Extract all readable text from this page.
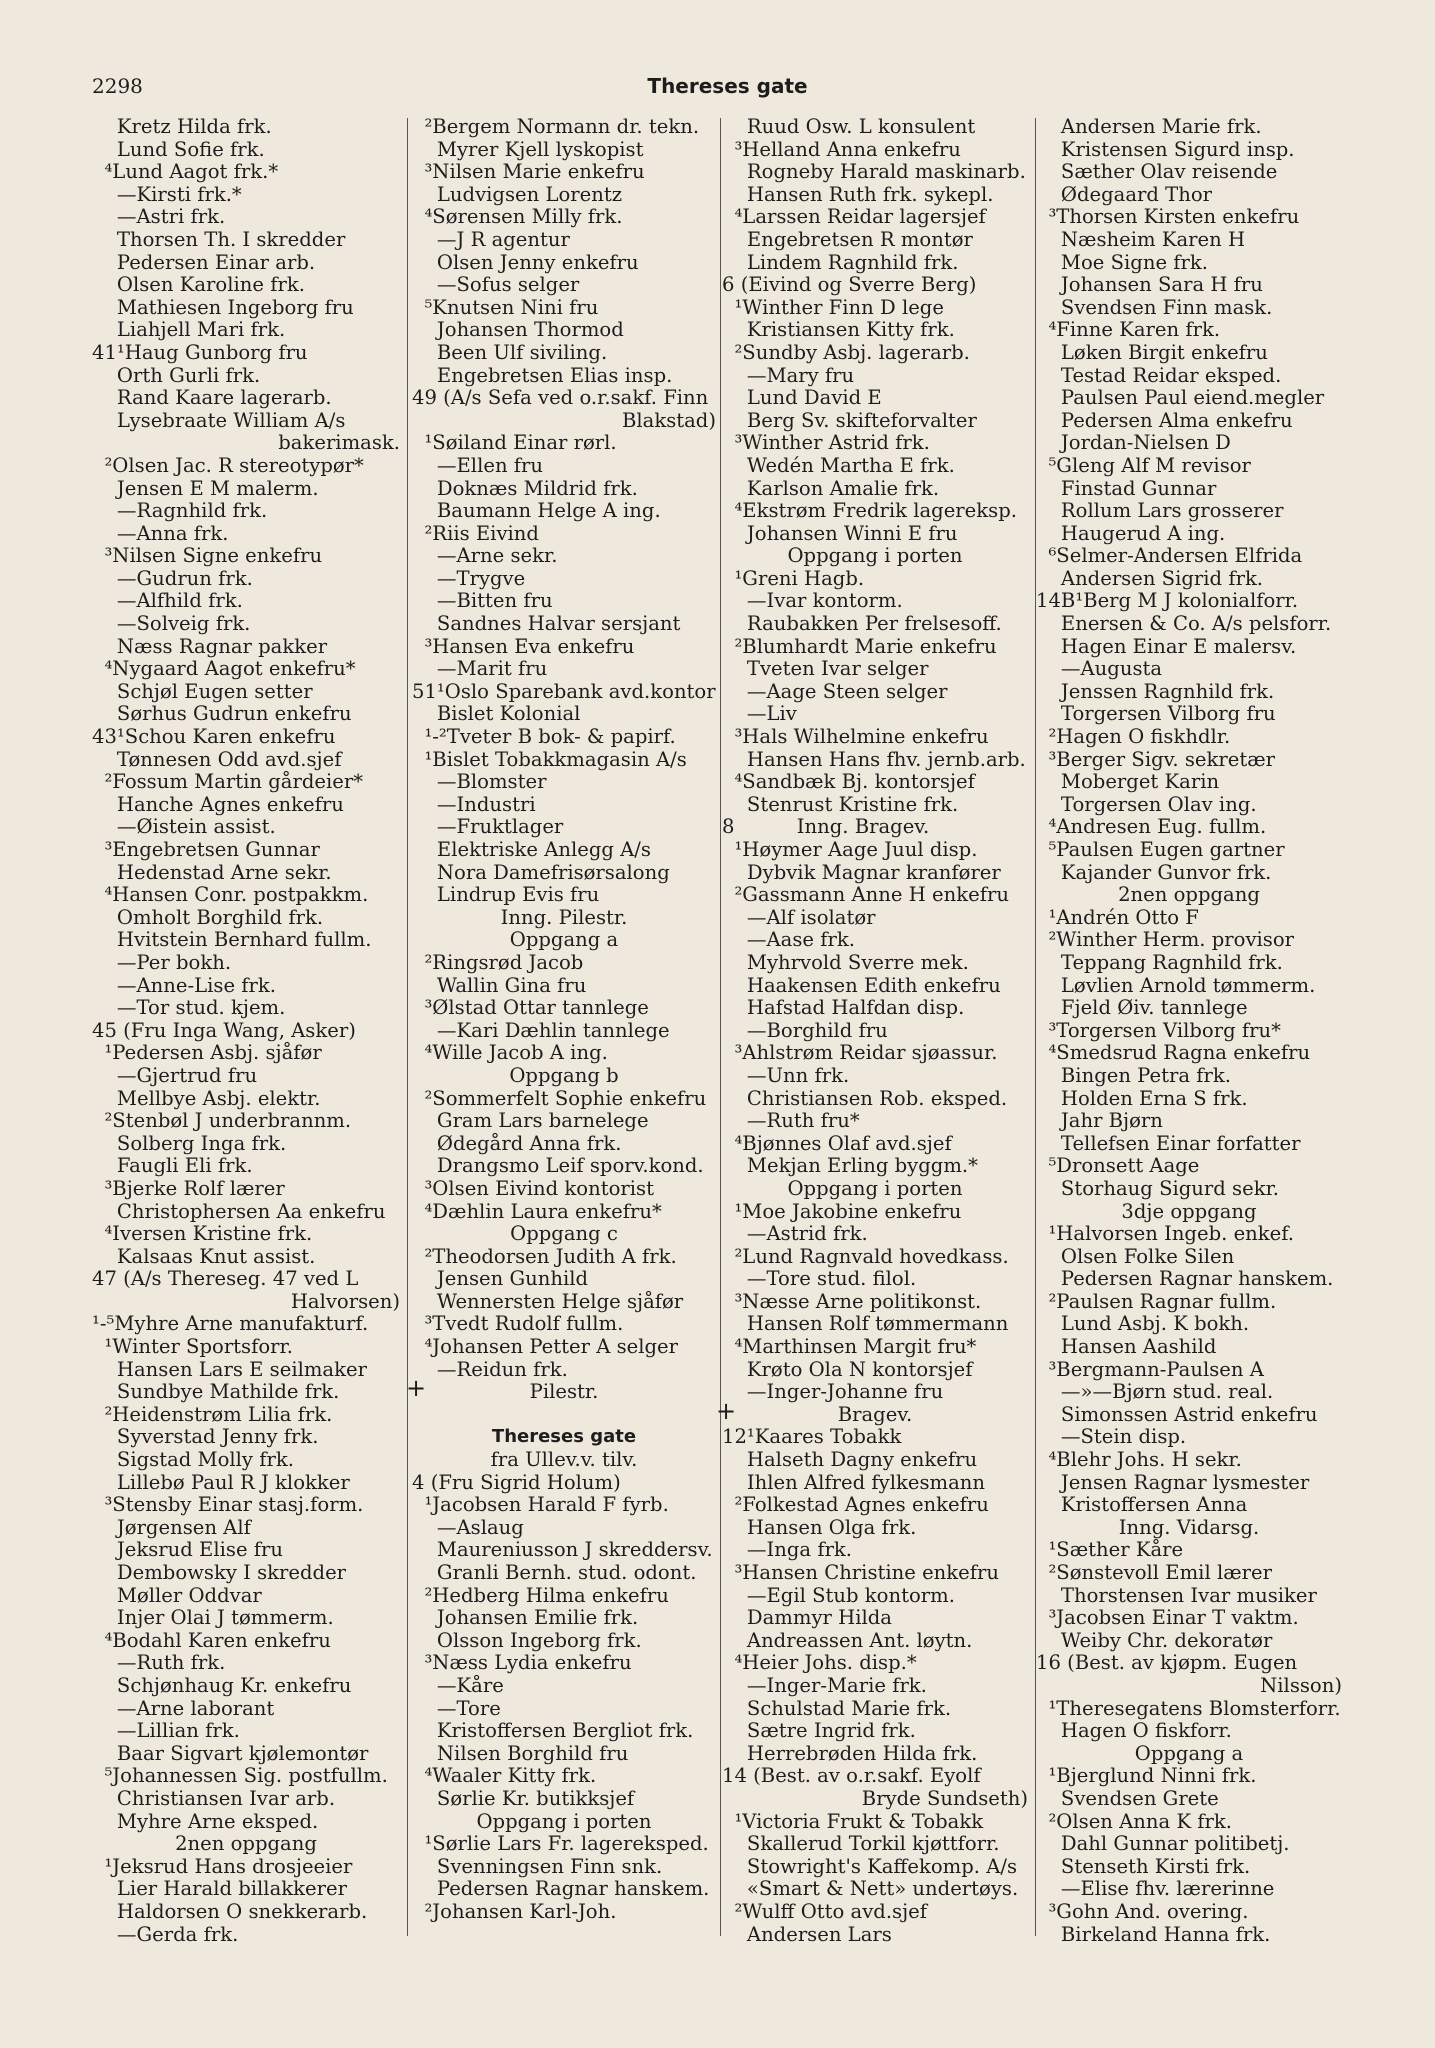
2298	Thereses gate
Kretz Hilda frk.
Lund Sofie frk.
⁴Lund Aagot frk.*
—Kirsti frk.*
—Astri frk.
Thorsen Th. I skredder
Pedersen Einar arb.
Olsen Karoline frk.
Mathiesen Ingeborg fru
Liahjell Mari frk.
41¹Haug Gunborg fru
Orth Gurli frk.
Rand Kaare lagerarb.
Lysebraate William A/s
bakerimask.
²Olsen Jac. R stereotypør*
Jensen E M malerm.
—Ragnhild frk.
—Anna frk.
³Nilsen Signe enkefru
—Gudrun frk.
—Alfhild frk.
—Solveig frk.
Næss Ragnar pakker
⁴Nygaard Aagot enkefru*
Schjøl Eugen setter
Sørhus Gudrun enkefru
43¹Schou Karen enkefru
Tønnesen Odd avd.sjef
²Fossum Martin gårdeier*
Hanche Agnes enkefru
—Øistein assist.
³Engebretsen Gunnar
Hedenstad Arne sekr.
⁴Hansen Conr. postpakkm.
Omholt Borghild frk.
Hvitstein Bernhard fullm.
—Per bokh.
—Anne-Lise frk.
—Tor stud. kjem.
45 (Fru Inga Wang, Asker)
¹Pedersen Asbj. sjåfør
—Gjertrud fru
Mellbye Asbj. elektr.
²Stenbøl J underbrannm.
Solberg Inga frk.
Faugli Eli frk.
³Bjerke Rolf lærer
Christophersen Aa enkefru
⁴Iversen Kristine frk.
Kalsaas Knut assist.
47 (A/s Thereseg. 47 ved L
Halvorsen)
¹-⁵Myhre Arne manufakturf.
¹Winter Sportsforr.
Hansen Lars E seilmaker
Sundbye Mathilde frk.
²Heidenstrøm Lilia frk.
Syverstad Jenny frk.
Sigstad Molly frk.
Lillebø Paul R J klokker
³Stensby Einar stasj.form.
Jørgensen Alf
Jeksrud Elise fru
Dembowsky I skredder
Møller Oddvar
Injer Olai J tømmerm.
⁴Bodahl Karen enkefru
—Ruth frk.
Schjønhaug Kr. enkefru
—Arne laborant
—Lillian frk.
Baar Sigvart kjølemontør
⁵Johannessen Sig. postfullm.
Christiansen Ivar arb.
Myhre Arne eksped.
2nen oppgang
¹Jeksrud Hans drosjeeier
Lier Harald billakkerer
Haldorsen O snekkerarb.
—Gerda frk.
²Bergem Normann dr. tekn.
Myrer Kjell lyskopist
³Nilsen Marie enkefru
Ludvigsen Lorentz
⁴Sørensen Milly frk.
—J R agentur
Olsen Jenny enkefru
—Sofus selger
⁵Knutsen Nini fru
Johansen Thormod
Been Ulf siviling.
Engebretsen Elias insp.
49 (A/s Sefa ved o.r.sakf. Finn
Blakstad)
¹Søiland Einar rørl.
—Ellen fru
Doknæs Mildrid frk.
Baumann Helge A ing.
²Riis Eivind
—Arne sekr.
—Trygve
—Bitten fru
Sandnes Halvar sersjant
³Hansen Eva enkefru
—Marit fru
51¹Oslo Sparebank avd.kontor
Bislet Kolonial
¹-²Tveter B bok- & papirf.
¹Bislet Tobakkmagasin A/s
—Blomster
—Industri
—Fruktlager
Elektriske Anlegg A/s
Nora Damefrisørsalong
Lindrup Evis fru
Inng. Pilestr.
Oppgang a
²Ringsrød Jacob
Wallin Gina fru
³Ølstad Ottar tannlege
—Kari Dæhlin tannlege
⁴Wille Jacob A ing.
Oppgang b
²Sommerfelt Sophie enkefru
Gram Lars barnelege
Ødegård Anna frk.
Drangsmo Leif sporv.kond.
³Olsen Eivind kontorist
⁴Dæhlin Laura enkefru*
Oppgang c
²Theodorsen Judith A frk.
Jensen Gunhild
Wennersten Helge sjåfør
³Tvedt Rudolf fullm.
⁴Johansen Petter A selger
—Reidun frk.
Pilestr.
+
Thereses gate
fra Ullev.v. tilv.
4 (Fru Sigrid Holum)
¹Jacobsen Harald F fyrb.
—Aslaug
Maureniusson J skreddersv.
Granli Bernh. stud. odont.
²Hedberg Hilma enkefru
Johansen Emilie frk.
Olsson Ingeborg frk.
³Næss Lydia enkefru
—Kåre
—Tore
Kristoffersen Bergliot frk.
Nilsen Borghild fru
⁴Waaler Kitty frk.
Sørlie Kr. butikksjef
Oppgang i porten
¹Sørlie Lars Fr. lagereksped.
Svenningsen Finn snk.
Pedersen Ragnar hanskem.
²Johansen Karl-Joh.
Ruud Osw. L konsulent
³Helland Anna enkefru
Rogneby Harald maskinarb.
Hansen Ruth frk. sykepl.
⁴Larssen Reidar lagersjef
Engebretsen R montør
Lindem Ragnhild frk.
6 (Eivind og Sverre Berg)
¹Winther Finn D lege
Kristiansen Kitty frk.
²Sundby Asbj. lagerarb.
—Mary fru
Lund David E
Berg Sv. skifteforvalter
³Winther Astrid frk.
Wedén Martha E frk.
Karlson Amalie frk.
⁴Ekstrøm Fredrik lagereksp.
Johansen Winni E fru
Oppgang i porten
¹Greni Hagb.
—Ivar kontorm.
Raubakken Per frelsesoff.
²Blumhardt Marie enkefru
Tveten Ivar selger
—Aage Steen selger
—Liv
³Hals Wilhelmine enkefru
Hansen Hans fhv. jernb.arb.
⁴Sandbæk Bj. kontorsjef
Stenrust Kristine frk.
8          Inng. Bragev.
¹Høymer Aage Juul disp.
Dybvik Magnar kranfører
²Gassmann Anne H enkefru
—Alf isolatør
—Aase frk.
Myhrvold Sverre mek.
Haakensen Edith enkefru
Hafstad Halfdan disp.
—Borghild fru
³Ahlstrøm Reidar sjøassur.
—Unn frk.
Christiansen Rob. eksped.
—Ruth fru*
⁴Bjønnes Olaf avd.sjef
Mekjan Erling byggm.*
Oppgang i porten
¹Moe Jakobine enkefru
—Astrid frk.
²Lund Ragnvald hovedkass.
—Tore stud. filol.
³Næsse Arne politikonst.
Hansen Rolf tømmermann
⁴Marthinsen Margit fru*
Krøto Ola N kontorsjef
—Inger-Johanne fru
Bragev.
+
12¹Kaares Tobakk
Halseth Dagny enkefru
Ihlen Alfred fylkesmann
²Folkestad Agnes enkefru
Hansen Olga frk.
—Inga frk.
³Hansen Christine enkefru
—Egil Stub kontorm.
Dammyr Hilda
Andreassen Ant. løytn.
⁴Heier Johs. disp.*
—Inger-Marie frk.
Schulstad Marie frk.
Sætre Ingrid frk.
Herrebrøden Hilda frk.
14 (Best. av o.r.sakf. Eyolf
Bryde Sundseth)
¹Victoria Frukt & Tobakk
Skallerud Torkil kjøttforr.
Stowright's Kaffekomp. A/s
«Smart & Nett» undertøys.
²Wulff Otto avd.sjef
Andersen Lars
Andersen Marie frk.
Kristensen Sigurd insp.
Sæther Olav reisende
Ødegaard Thor
³Thorsen Kirsten enkefru
Næsheim Karen H
Moe Signe frk.
Johansen Sara H fru
Svendsen Finn mask.
⁴Finne Karen frk.
Løken Birgit enkefru
Testad Reidar eksped.
Paulsen Paul eiend.megler
Pedersen Alma enkefru
Jordan-Nielsen D
⁵Gleng Alf M revisor
Finstad Gunnar
Rollum Lars grosserer
Haugerud A ing.
⁶Selmer-Andersen Elfrida
Andersen Sigrid frk.
14B¹Berg M J kolonialforr.
Enersen & Co. A/s pelsforr.
Hagen Einar E malersv.
—Augusta
Jenssen Ragnhild frk.
Torgersen Vilborg fru
²Hagen O fiskhdlr.
³Berger Sigv. sekretær
Moberget Karin
Torgersen Olav ing.
⁴Andresen Eug. fullm.
⁵Paulsen Eugen gartner
Kajander Gunvor frk.
2nen oppgang
¹Andrén Otto F
²Winther Herm. provisor
Teppang Ragnhild frk.
Løvlien Arnold tømmerm.
Fjeld Øiv. tannlege
³Torgersen Vilborg fru*
⁴Smedsrud Ragna enkefru
Bingen Petra frk.
Holden Erna S frk.
Jahr Bjørn
Tellefsen Einar forfatter
⁵Dronsett Aage
Storhaug Sigurd sekr.
3dje oppgang
¹Halvorsen Ingeb. enkef.
Olsen Folke Silen
Pedersen Ragnar hanskem.
²Paulsen Ragnar fullm.
Lund Asbj. K bokh.
Hansen Aashild
³Bergmann-Paulsen A
—»—Bjørn stud. real.
Simonssen Astrid enkefru
—Stein disp.
⁴Blehr Johs. H sekr.
Jensen Ragnar lysmester
Kristoffersen Anna
Inng. Vidarsg.
¹Sæther Kåre
²Sønstevoll Emil lærer
Thorstensen Ivar musiker
³Jacobsen Einar T vaktm.
Weiby Chr. dekoratør
16 (Best. av kjøpm. Eugen
Nilsson)
¹Theresegatens Blomsterforr.
Hagen O fiskforr.
Oppgang a
¹Bjerglund Ninni frk.
Svendsen Grete
²Olsen Anna K frk.
Dahl Gunnar politibetj.
Stenseth Kirsti frk.
—Elise fhv. lærerinne
³Gohn And. overing.
Birkeland Hanna frk.
